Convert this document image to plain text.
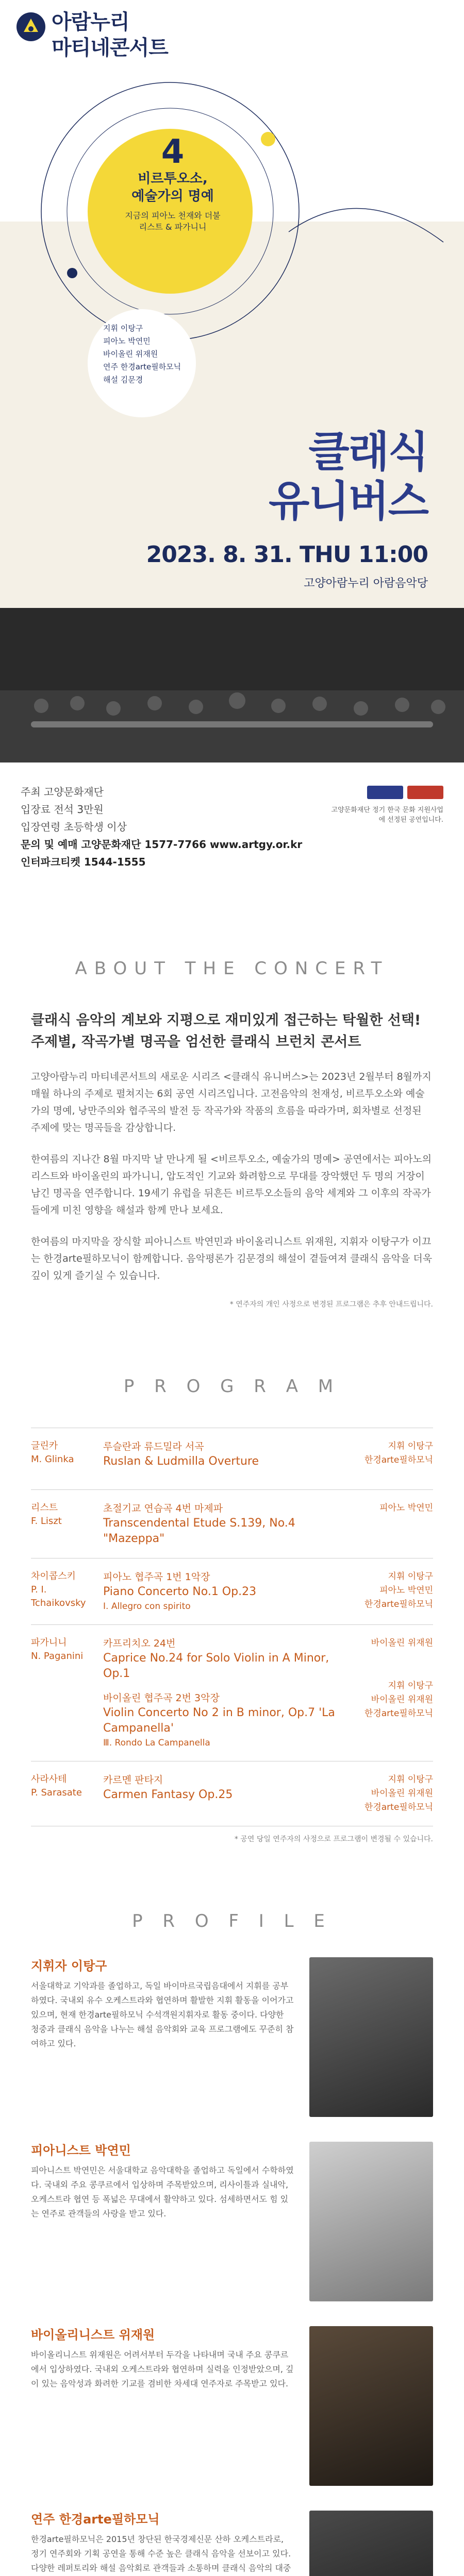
아람누리
마티네콘서트
4
비르투오소,
예술가의 명예
지금의 피아노 천재와 더불
리스트 & 파가니니
지휘 이탕구
피아노 박연민
바이올린 위재원
연주 한경arte필하모닉
해설 김문경
클래식
유니버스
2023. 8. 31. THU 11:00
고양아람누리 아람음악당
주최 고양문화재단
입장료 전석 3만원
입장연령 초등학생 이상
문의 및 예매 고양문화재단 1577-7766 www.artgy.or.kr
인터파크티켓 1544-1555
고양문화재단 정기 한국 문화 지원사업
에 선정된 공연입니다.
ABOUT THE CONCERT

클래식 음악의 계보와 지평으로 재미있게 접근하는 탁월한 선택! 주제별, 작곡가별 명곡을 엄선한 클래식 브런치 콘서트

고양아람누리 마티네콘서트의 새로운 시리즈 <클래식 유니버스>는 2023년 2월부터 8월까지 매월 하나의 주제로 펼쳐지는 6회 공연 시리즈입니다. 고전음악의 천재성, 비르투오소와 예술가의 명예, 낭만주의와 협주곡의 발전 등 작곡가와 작품의 흐름을 따라가며, 회차별로 선정된 주제에 맞는 명곡들을 감상합니다.

한여름의 지나간 8월 마지막 날 만나게 될 <비르투오소, 예술가의 명예> 공연에서는 피아노의 리스트와 바이올린의 파가니니, 압도적인 기교와 화려함으로 무대를 장악했던 두 명의 거장이 남긴 명곡을 연주합니다. 19세기 유럽을 뒤흔든 비르투오소들의 음악 세계와 그 이후의 작곡가들에게 미친 영향을 해설과 함께 만나 보세요.

한여름의 마지막을 장식할 피아니스트 박연민과 바이올리니스트 위재원, 지휘자 이탕구가 이끄는 한경arte필하모닉이 함께합니다. 음악평론가 김문경의 해설이 곁들여져 클래식 음악을 더욱 깊이 있게 즐기실 수 있습니다.

* 연주자의 개인 사정으로 변경된 프로그램은 추후 안내드립니다.

P R O G R A M
글린카
M. Glinka
루슬란과 류드밀라 서곡
Ruslan & Ludmilla Overture
지휘 이탕구
한경arte필하모닉
리스트
F. Liszt
초절기교 연습곡 4번 마제파
Transcendental Etude S.139, No.4 "Mazeppa"
피아노 박연민
차이콥스키
P. I. Tchaikovsky
피아노 협주곡 1번 1악장
Piano Concerto No.1 Op.23
Ⅰ. Allegro con spirito
지휘 이탕구
피아노 박연민
한경arte필하모닉
파가니니
N. Paganini
카프리치오 24번
Caprice No.24 for Solo Violin in A Minor, Op.1
바이올린 협주곡 2번 3악장
Violin Concerto No 2 in B minor, Op.7 'La Campanella'
Ⅲ. Rondo La Campanella
바이올린 위재원
지휘 이탕구
바이올린 위재원
한경arte필하모닉
사라사테
P. Sarasate
카르멘 판타지
Carmen Fantasy Op.25
지휘 이탕구
바이올린 위재원
한경arte필하모닉

* 공연 당일 연주자의 사정으로 프로그램이 변경될 수 있습니다.

P R O F I L E
지휘자 이탕구

서울대학교 기악과를 졸업하고, 독일 바이마르국립음대에서 지휘를 공부하였다. 국내외 유수 오케스트라와 협연하며 활발한 지휘 활동을 이어가고 있으며, 현재 한경arte필하모닉 수석객원지휘자로 활동 중이다. 다양한 청중과 클래식 음악을 나누는 해설 음악회와 교육 프로그램에도 꾸준히 참여하고 있다.

피아니스트 박연민

피아니스트 박연민은 서울대학교 음악대학을 졸업하고 독일에서 수학하였다. 국내외 주요 콩쿠르에서 입상하며 주목받았으며, 리사이틀과 실내악, 오케스트라 협연 등 폭넓은 무대에서 활약하고 있다. 섬세하면서도 힘 있는 연주로 관객들의 사랑을 받고 있다.

바이올리니스트 위재원

바이올리니스트 위재원은 어려서부터 두각을 나타내며 국내 주요 콩쿠르에서 입상하였다. 국내외 오케스트라와 협연하며 실력을 인정받았으며, 깊이 있는 음악성과 화려한 기교를 겸비한 차세대 연주자로 주목받고 있다.

연주 한경arte필하모닉

한경arte필하모닉은 2015년 창단된 한국경제신문 산하 오케스트라로, 정기 연주회와 기획 공연을 통해 수준 높은 클래식 음악을 선보이고 있다. 다양한 레퍼토리와 해설 음악회로 관객들과 소통하며 클래식 음악의 대중
